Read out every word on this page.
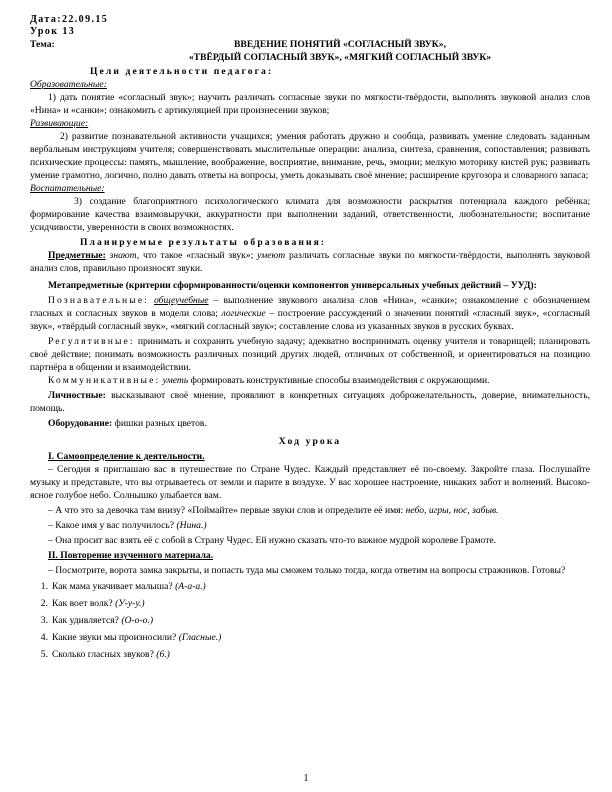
Дата:22.09.15

Урок 13

Тема:	ВВЕДЕНИЕ ПОНЯТИЙ «СОГЛАСНЫЙ ЗВУК»,
«ТВЁРДЫЙ СОГЛАСНЫЙ ЗВУК», «МЯГКИЙ СОГЛАСНЫЙ ЗВУК»

Цели деятельности педагога:

Образовательные:

1) дать понятие «согласный звук»; научить различать согласные звуки по мягкости-твёрдости, выполнять звуковой анализ слов «Нина» и «санки»; ознакомить с артикуляцией при произнесении звуков;

Развивающие:

2) развитие познавательной активности учащихся; умения работать дружно и сообща, развивать умение следовать заданным вербальным инструкциям учителя; совершенствовать мыслительные операции: анализа, синтеза, сравнения, сопоставления; развивать психические процессы: память, мышление, воображение, восприятие, внимание, речь, эмоции; мелкую моторику кистей рук; развивать умение грамотно, логично, полно давать ответы на вопросы, уметь доказывать своё мнение; расширение кругозора и словарного запаса;

Воспитательные:

3) создание благоприятного психологического климата для возможности раскрытия потенциала каждого ребёнка; формирование качества взаимовыручки, аккуратности при выполнении заданий, ответственности, любознательности; воспитание усидчивости, уверенности в своих возможностях.

Планируемые результаты образования:

Предметные: знают, что такое «гласный звук»; умеют различать согласные звуки по мягкости-твёрдости, выполнять звуковой анализ слов, правильно произносят звуки.

Метапредметные (критерии сформированности/оценки компонентов универсальных учебных действий – УУД):

Познавательные: общеучебные – выполнение звукового анализа слов «Нина», «санки»; ознакомление с обозначением гласных и согласных звуков в модели слова; логические – построение рассуждений о значении понятий «гласный звук», «согласный звук», «твёрдый согласный звук», «мягкий согласный звук»; составление слова из указанных звуков в русских буквах.

Регулятивные: принимать и сохранять учебную задачу; адекватно воспринимать оценку учителя и товарищей; планировать своё действие; понимать возможность различных позиций других людей, отличных от собственной, и ориентироваться на позицию партнёра в общении и взаимодействии.

Коммуникативные: уметь формировать конструктивные способы взаимодействия с окружающими.

Личностные: высказывают своё мнение, проявляют в конкретных ситуациях доброжелательность, доверие, внимательность, помощь.

Оборудование: фишки разных цветов.

Ход урока

I. Самоопределение к деятельности.

– Сегодня я приглашаю вас в путешествие по Стране Чудес. Каждый представляет её по-своему. Закройте глаза. Послушайте музыку и представьте, что вы отрываетесь от земли и парите в воздухе. У вас хорошее настроение, никаких забот и волнений. Высоко-ясное голубое небо. Солнышко улыбается вам.

– А что это за девочка там внизу? «Поймайте» первые звуки слов и определите её имя: небо, игры, нос, забыв.

– Какое имя у вас получилось? (Нина.)

– Она просит вас взять её с собой в Страну Чудес. Ей нужно сказать что-то важное мудрой королеве Грамоте.

II. Повторение изученного материала.

– Посмотрите, ворота замка закрыты, и попасть туда мы сможем только тогда, когда ответим на вопросы стражников. Готовы?

1. Как мама укачивает малыша? (А-а-а.)
2. Как воет волк? (У-у-у.)
3. Как удивляется? (О-о-о.)
4. Какие звуки мы произносили? (Гласные.)
5. Сколько гласных звуков? (6.)
1
